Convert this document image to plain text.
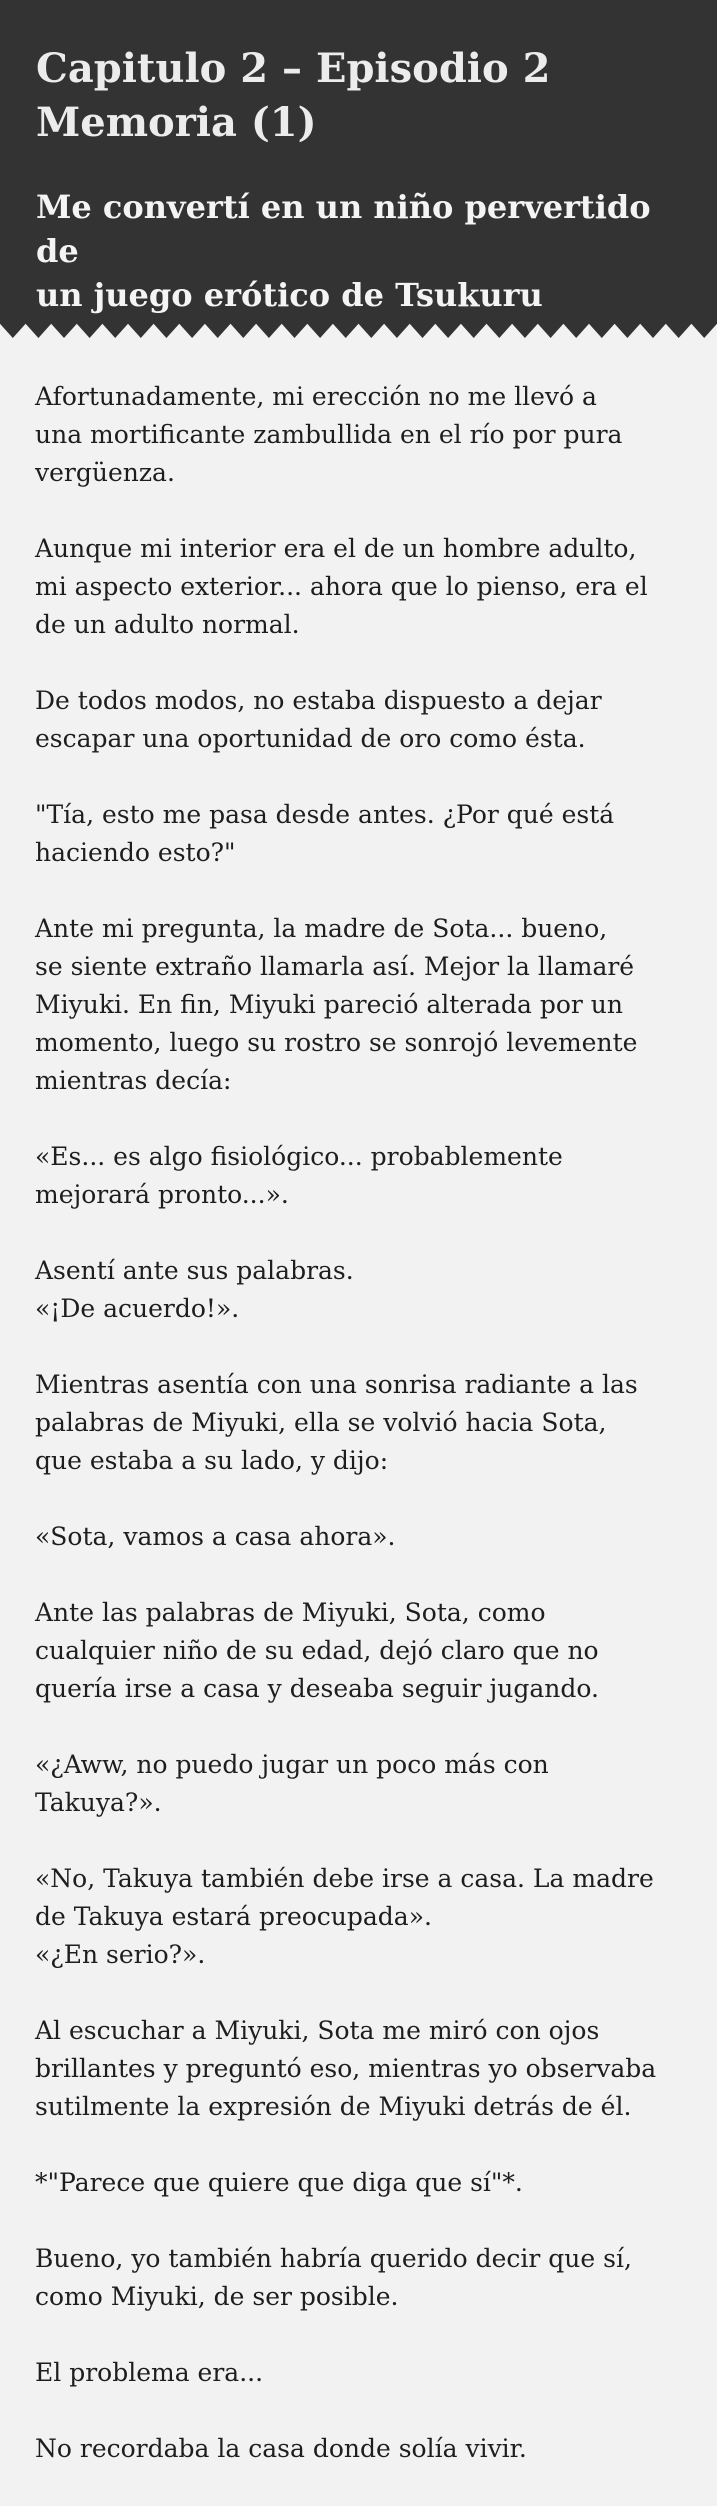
Capitulo 2 – Episodio 2
Memoria (1)
Me convertí en un niño pervertido de
un juego erótico de Tsukuru

Afortunadamente, mi erección no me llevó a
una mortificante zambullida en el río por pura
vergüenza.

Aunque mi interior era el de un hombre adulto,
mi aspecto exterior... ahora que lo pienso, era el
de un adulto normal.

De todos modos, no estaba dispuesto a dejar
escapar una oportunidad de oro como ésta.

"Tía, esto me pasa desde antes. ¿Por qué está
haciendo esto?"

Ante mi pregunta, la madre de Sota... bueno,
se siente extraño llamarla así. Mejor la llamaré
Miyuki. En fin, Miyuki pareció alterada por un
momento, luego su rostro se sonrojó levemente
mientras decía:

«Es... es algo fisiológico... probablemente
mejorará pronto...».

Asentí ante sus palabras.
«¡De acuerdo!».

Mientras asentía con una sonrisa radiante a las
palabras de Miyuki, ella se volvió hacia Sota,
que estaba a su lado, y dijo:

«Sota, vamos a casa ahora».

Ante las palabras de Miyuki, Sota, como
cualquier niño de su edad, dejó claro que no
quería irse a casa y deseaba seguir jugando.

«¿Aww, no puedo jugar un poco más con
Takuya?».

«No, Takuya también debe irse a casa. La madre
de Takuya estará preocupada».
«¿En serio?».

Al escuchar a Miyuki, Sota me miró con ojos
brillantes y preguntó eso, mientras yo observaba
sutilmente la expresión de Miyuki detrás de él.

*"Parece que quiere que diga que sí"*.

Bueno, yo también habría querido decir que sí,
como Miyuki, de ser posible.

El problema era...

No recordaba la casa donde solía vivir.
